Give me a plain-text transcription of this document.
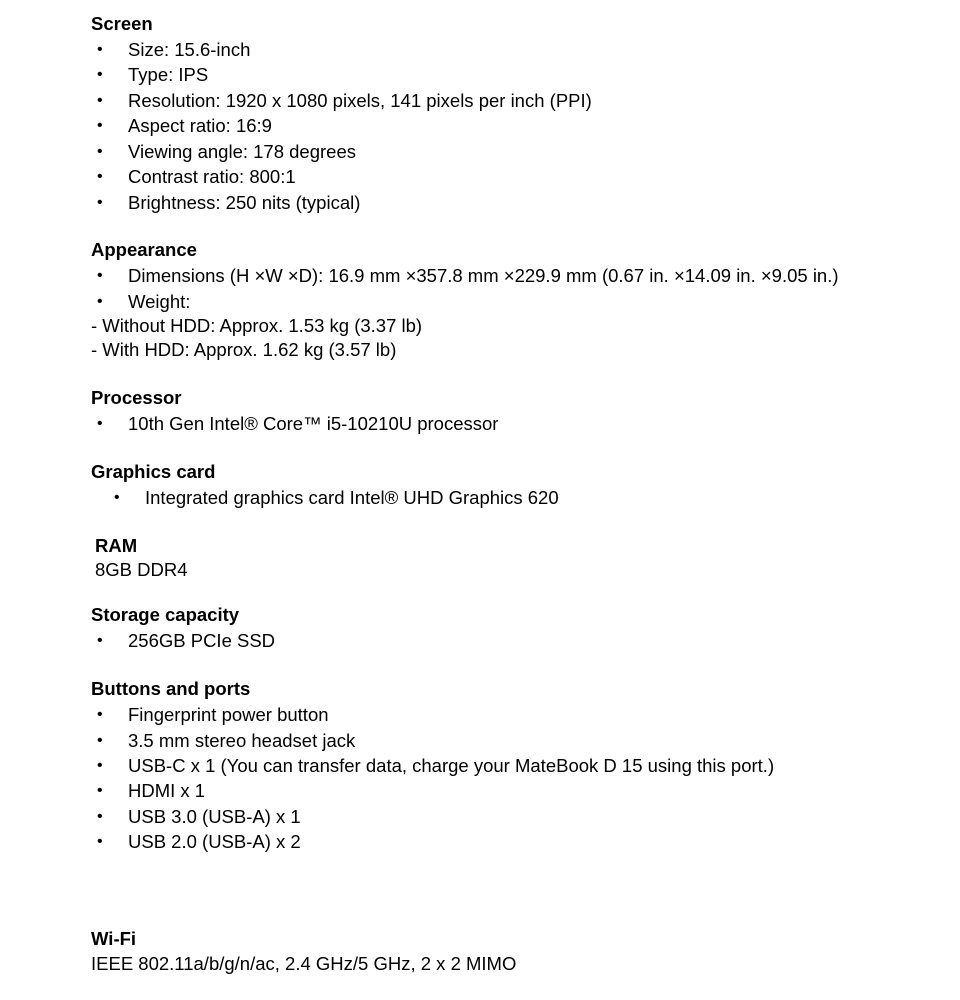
Screen
• Size: 15.6-inch
• Type: IPS
• Resolution: 1920 x 1080 pixels, 141 pixels per inch (PPI)
• Aspect ratio: 16:9
• Viewing angle: 178 degrees
• Contrast ratio: 800:1
• Brightness: 250 nits (typical)
Appearance
• Dimensions (H ×W ×D): 16.9 mm ×357.8 mm ×229.9 mm (0.67 in. ×14.09 in. ×9.05 in.)
• Weight:
- Without HDD: Approx. 1.53 kg (3.37 lb)
- With HDD: Approx. 1.62 kg (3.57 lb)
Processor
• 10th Gen Intel® Core™ i5-10210U processor
Graphics card
• Integrated graphics card Intel® UHD Graphics 620
RAM
8GB DDR4
Storage capacity
• 256GB PCIe SSD
Buttons and ports
• Fingerprint power button
• 3.5 mm stereo headset jack
• USB-C x 1 (You can transfer data, charge your MateBook D 15 using this port.)
• HDMI x 1
• USB 3.0 (USB-A) x 1
• USB 2.0 (USB-A) x 2
Wi-Fi
IEEE 802.11a/b/g/n/ac, 2.4 GHz/5 GHz, 2 x 2 MIMO
